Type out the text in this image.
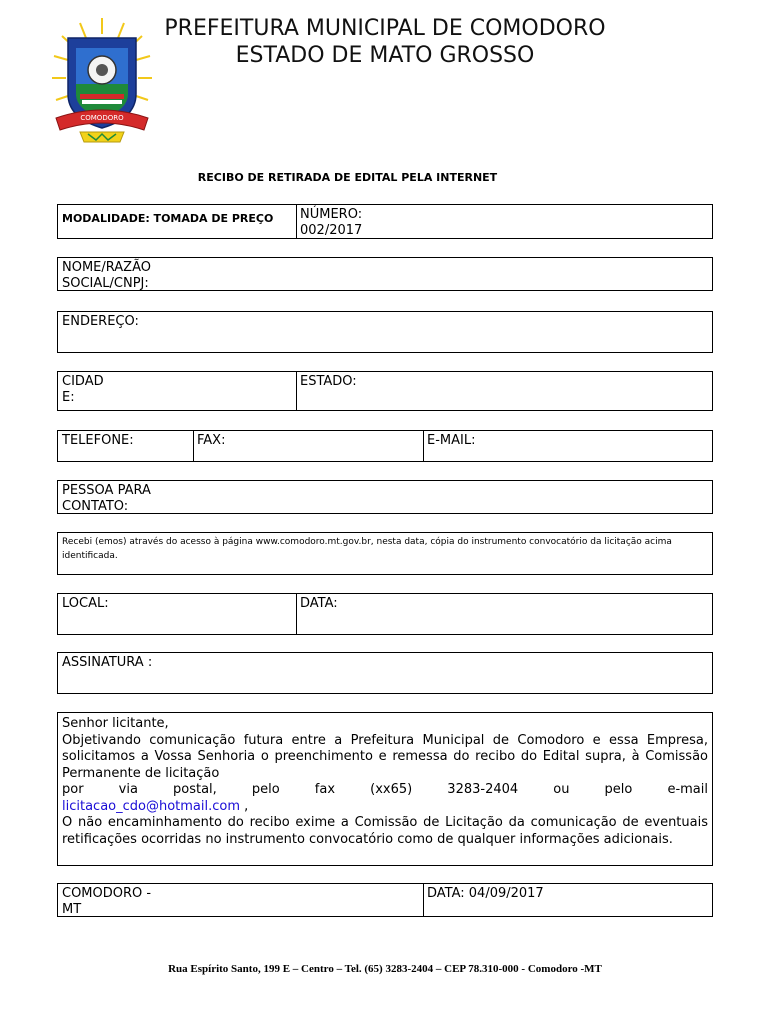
COMODORO
PREFEITURA MUNICIPAL DE COMODORO
ESTADO DE MATO GROSSO
RECIBO DE RETIRADA DE EDITAL PELA INTERNET
MODALIDADE: TOMADA DE PREÇO	NÚMERO:
002/2017
NOME/RAZÃO SOCIAL/CNPJ:
ENDEREÇO:
CIDAD E:
ESTADO:
TELEFONE:	FAX:	E-MAIL:
PESSOA PARA CONTATO:
Recebi (emos) através do acesso à página www.comodoro.mt.gov.br, nesta data, cópia do instrumento convocatório da licitação acima identificada.
LOCAL:	DATA:
ASSINATURA :

Senhor licitante,

Objetivando comunicação futura entre a Prefeitura Municipal de Comodoro e essa Empresa, solicitamos a Vossa Senhoria o preenchimento e remessa do recibo do Edital supra, à Comissão Permanente de licitação

por via postal, pelo fax (xx65) 3283-2404 ou pelo e-mail

licitacao_cdo@hotmail.com ,

O não encaminhamento do recibo exime a Comissão de Licitação da comunicação de eventuais retificações ocorridas no instrumento convocatório como de qualquer informações adicionais.

COMODORO - MT
DATA: 04/09/2017
Rua Espírito Santo, 199 E – Centro – Tel. (65) 3283-2404 – CEP 78.310-000 - Comodoro -MT
